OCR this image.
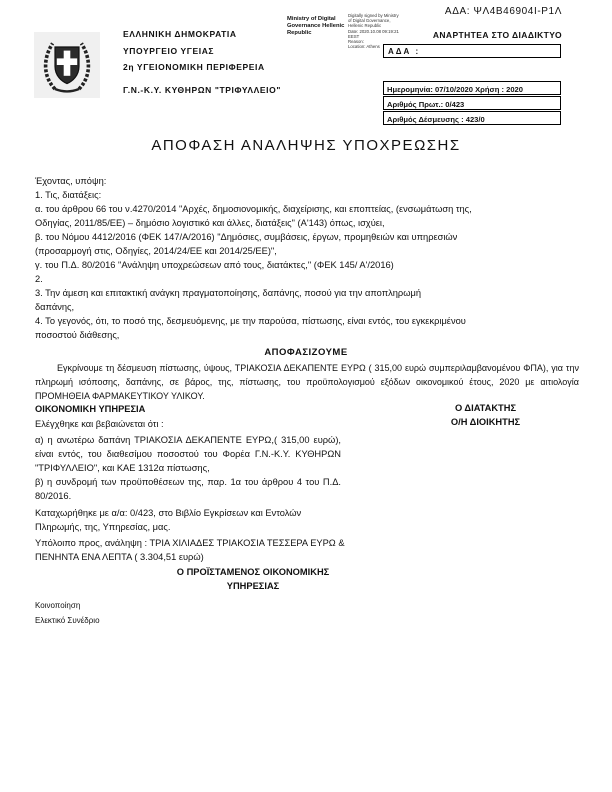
ΑΔΑ: ΨΛ4Β46904Ι-Ρ1Λ
ΕΛΛΗΝΙΚΗ ΔΗΜΟΚΡΑΤΙΑ
ΥΠΟΥΡΓΕΙΟ ΥΓΕΙΑΣ
2η ΥΓΕΙΟΝΟΜΙΚΗ ΠΕΡΙΦΕΡΕΙΑ
Γ.Ν.-Κ.Υ. ΚΥΘΗΡΩΝ "ΤΡΙΦΥΛΛΕΙΟ"
Ministry of Digital Governance Hellenic Republic
Digitally signed by Ministry
of Digital Governance,
Hellenic Republic
Date: 2020.10.08 09:19:21
EEST
Reason:
Location: Athens
ΑΝΑΡΤΗΤΕΑ ΣΤΟ ΔΙΑΔΙΚΤΥΟ
ΑΔΑ :
Ημερομηνία: 07/10/2020 Χρήση : 2020
Αριθμός Πρωτ.: 0/423
Αριθμός Δέσμευσης : 423/0
ΑΠΟΦΑΣΗ ΑΝΑΛΗΨΗΣ ΥΠΟΧΡΕΩΣΗΣ
Έχοντας, υπόψη:
1. Τις, διατάξεις:
α. του άρθρου 66 του ν.4270/2014 "Αρχές, δημοσιονομικής, διαχείρισης, και εποπτείας, (ενσωμάτωση της,
Οδηγίας, 2011/85/ΕΕ) – δημόσιο λογιστικό και άλλες, διατάξεις" (Α'143) όπως, ισχύει,
β. του Νόμου 4412/2016 (ΦΕΚ 147/Α/2016) "Δημόσιες, συμβάσεις, έργων, προμηθειών και υπηρεσιών
(προσαρμογή στις, Οδηγίες, 2014/24/ΕΕ και 2014/25/ΕΕ)",
γ. του Π.Δ. 80/2016 "Ανάληψη υποχρεώσεων από τους, διατάκτες," (ΦΕΚ 145/ Α'/2016)
2.
3. Την άμεση και επιτακτική ανάγκη πραγματοποίησης, δαπάνης, ποσού για την αποπληρωμή
δαπάνης,
4. Το γεγονός, ότι, το ποσό της, δεσμευόμενης, με την παρούσα, πίστωσης, είναι εντός, του εγκεκριμένου
ποσοστού διάθεσης,
ΑΠΟΦΑΣΙΖΟΥΜΕ
Εγκρίνουμε τη δέσμευση πίστωσης, ύψους, ΤΡΙΑΚΟΣΙΑ ΔΕΚΑΠΕΝΤΕ ΕΥΡΩ ( 315,00 ευρώ συμπεριλαμβανομένου ΦΠΑ), για την πληρωμή ισόποσης, δαπάνης, σε βάρος, της, πίστωσης, του προϋπολογισμού εξόδων οικονομικού έτους, 2020 με αιτιολογία ΠΡΟΜΗΘΕΙΑ ΦΑΡΜΑΚΕΥΤΙΚΟΥ ΥΛΙΚΟΥ.
ΟΙΚΟΝΟΜΙΚΗ ΥΠΗΡΕΣΙΑ	Ο ΔΙΑΤΑΚΤΗΣ
Ο/Η ΔΙΟΙΚΗΤΗΣ
Ελέγχθηκε και βεβαιώνεται ότι :
α) η ανωτέρω δαπάνη ΤΡΙΑΚΟΣΙΑ ΔΕΚΑΠΕΝΤΕ ΕΥΡΩ,( 315,00 ευρώ), είναι εντός, του διαθεσίμου ποσοστού του Φορέα Γ.Ν.-Κ.Υ. ΚΥΘΗΡΩΝ "ΤΡΙΦΥΛΛΕΙΟ", και ΚΑΕ 1312α πίστωσης,
β) η συνδρομή των προϋποθέσεων της, παρ. 1α του άρθρου 4 του Π.Δ. 80/2016.
Καταχωρήθηκε με α/α: 0/423, στο Βιβλίο Εγκρίσεων και Εντολών Πληρωμής, της, Υπηρεσίας, μας.
Υπόλοιπο προς, ανάληψη : ΤΡΙΑ ΧΙΛΙΑΔΕΣ ΤΡΙΑΚΟΣΙΑ ΤΕΣΣΕΡΑ ΕΥΡΩ & ΠΕΝΗΝΤΑ ΕΝΑ ΛΕΠΤΑ ( 3.304,51 ευρώ)
Ο ΠΡΟΪΣΤΑΜΕΝΟΣ ΟΙΚΟΝΟΜΙΚΗΣ
ΥΠΗΡΕΣΙΑΣ
Κοινοποίηση
Ελεκτικό Συνέδριο
